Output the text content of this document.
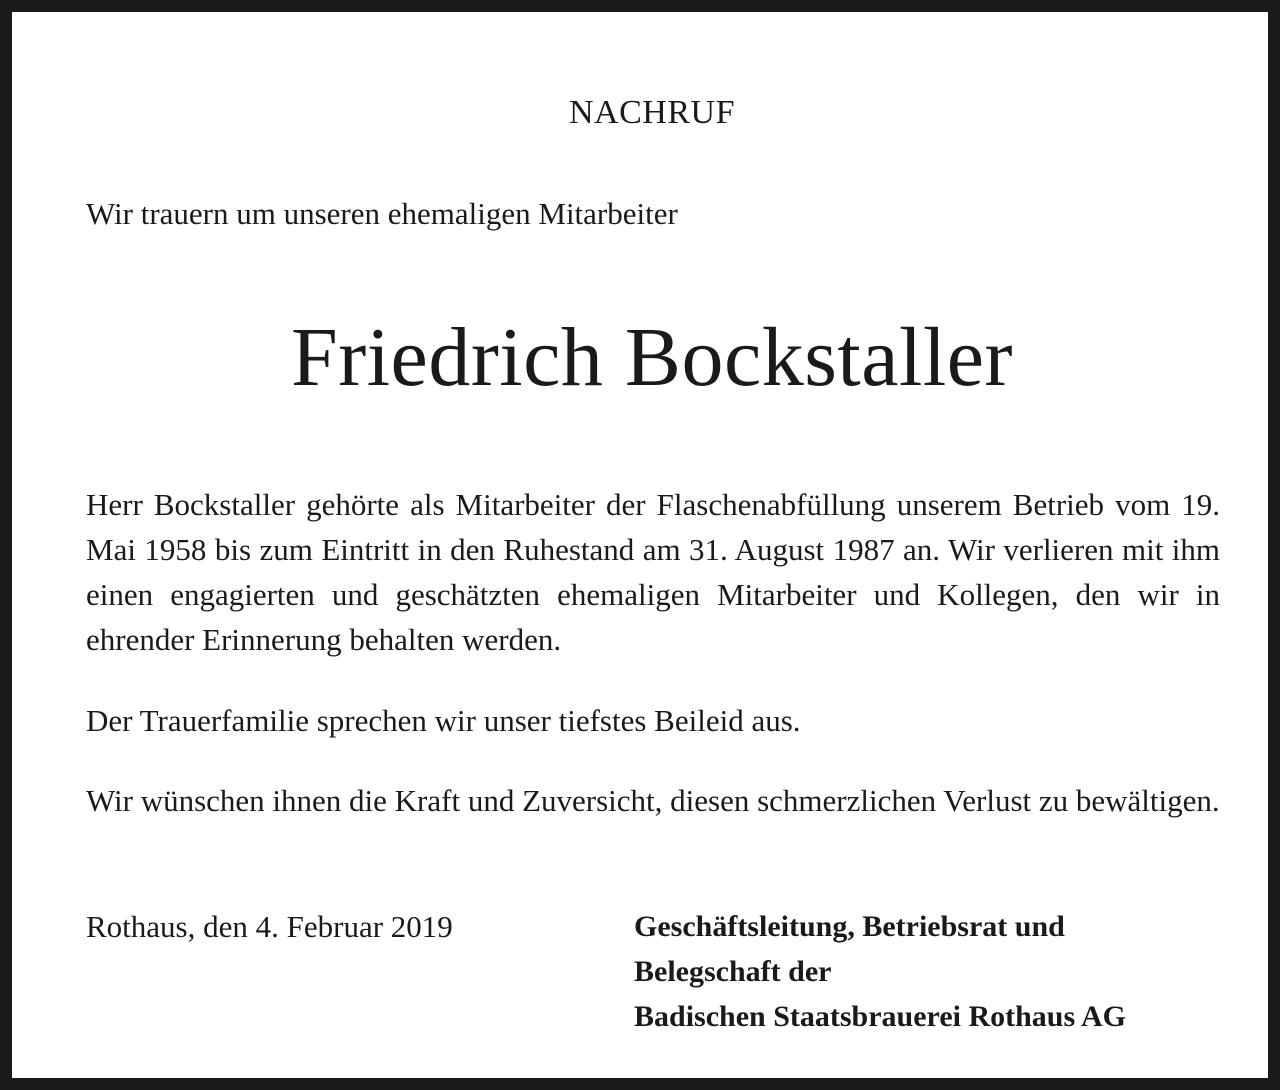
NACHRUF
Wir trauern um unseren ehemaligen Mitarbeiter
Friedrich Bockstaller
Herr Bockstaller gehörte als Mitarbeiter der Flaschenabfüllung unserem Betrieb vom 19. Mai 1958 bis zum Eintritt in den Ruhestand am 31. August 1987 an. Wir verlieren mit ihm einen engagierten und geschätzten ehemaligen Mitarbeiter und Kollegen, den wir in ehrender Erinnerung behalten werden.
Der Trauerfamilie sprechen wir unser tiefstes Beileid aus.
Wir wünschen ihnen die Kraft und Zuversicht, diesen schmerzlichen Verlust zu bewältigen.
Rothaus, den 4. Februar 2019	Geschäftsleitung, Betriebsrat und
Belegschaft der
Badischen Staatsbrauerei Rothaus AG
